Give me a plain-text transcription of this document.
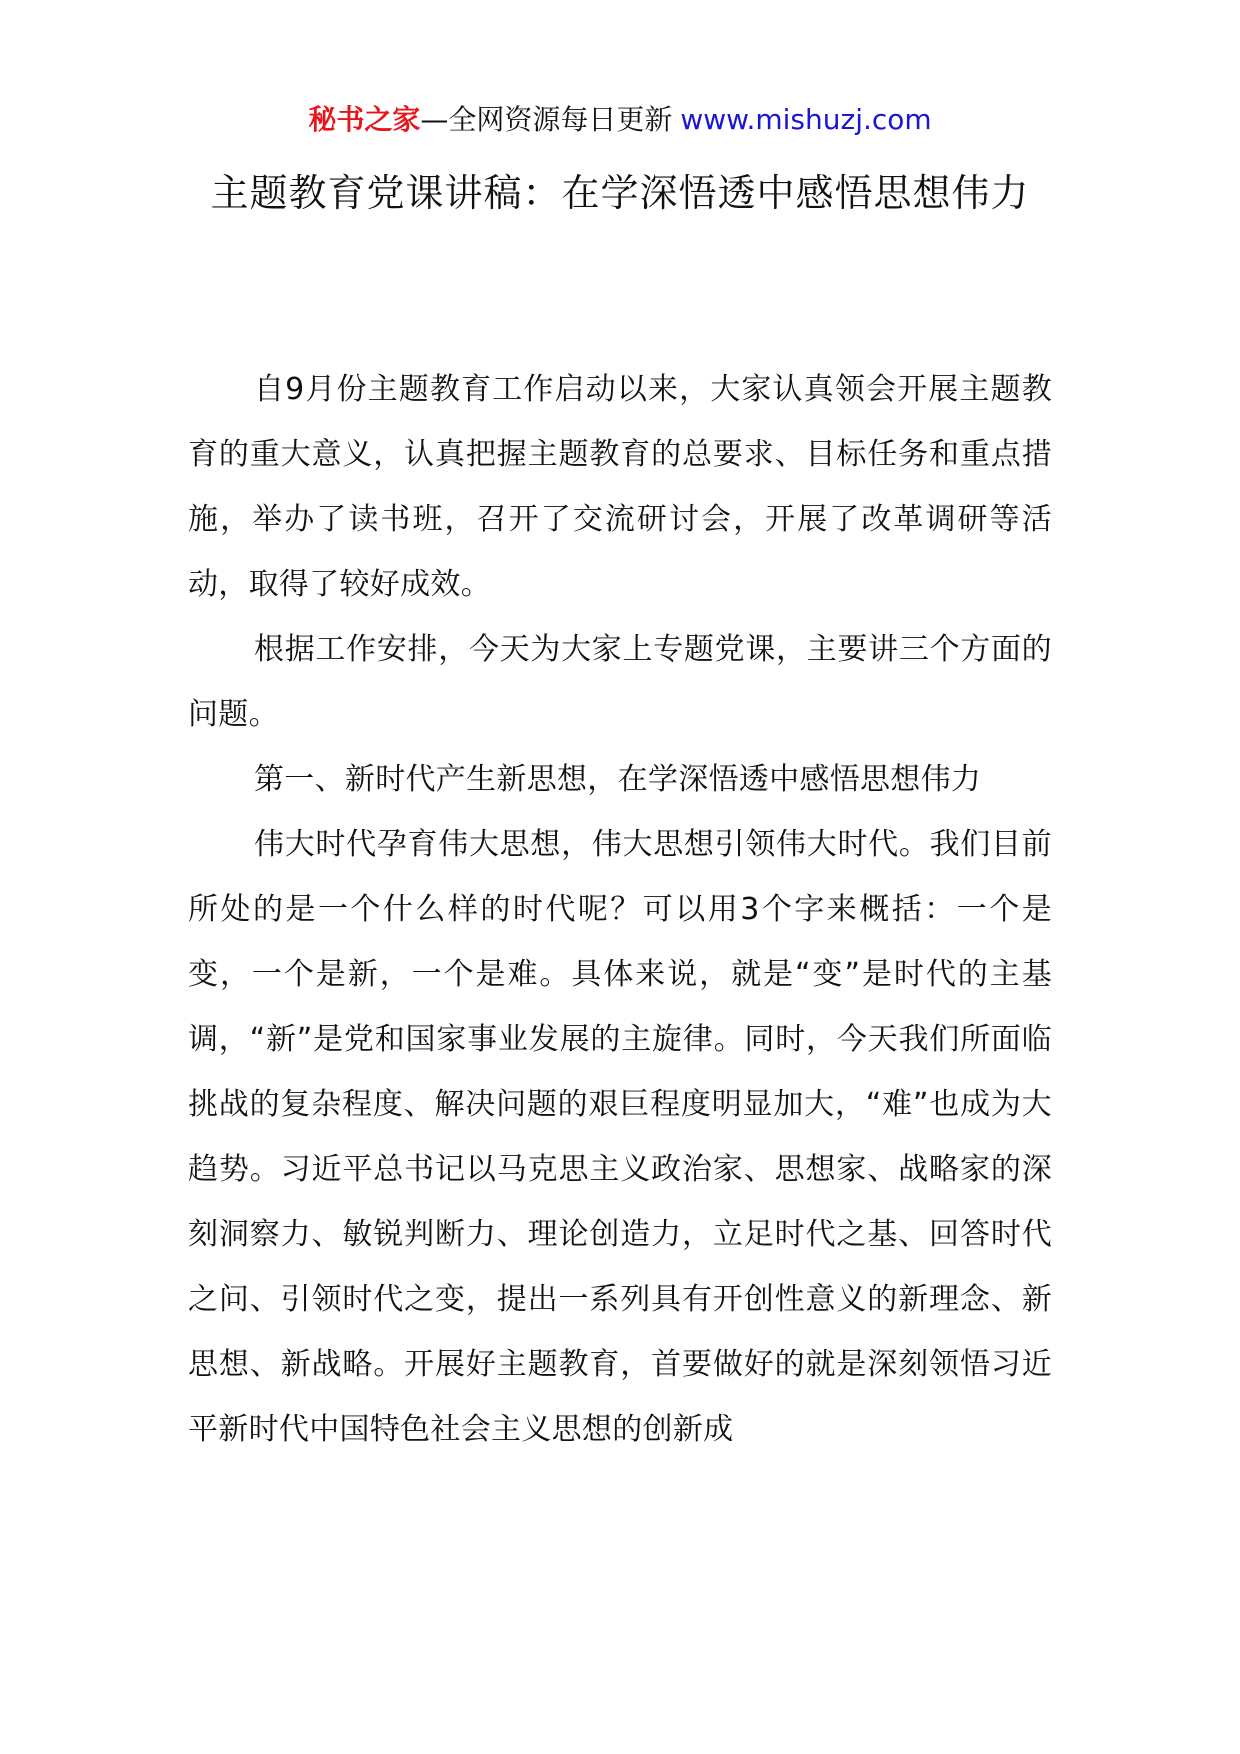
秘书之家—全网资源每日更新 www.mishuzj.com
主题教育党课讲稿：在学深悟透中感悟思想伟力

自9月份主题教育工作启动以来，大家认真领会开展主题教育的重大意义，认真把握主题教育的总要求、目标任务和重点措施，举办了读书班，召开了交流研讨会，开展了改革调研等活动，取得了较好成效。

根据工作安排，今天为大家上专题党课，主要讲三个方面的问题。

第一、新时代产生新思想，在学深悟透中感悟思想伟力

伟大时代孕育伟大思想，伟大思想引领伟大时代。我们目前所处的是一个什么样的时代呢？可以用3个字来概括：一个是变，一个是新，一个是难。具体来说，就是“变”是时代的主基调，“新”是党和国家事业发展的主旋律。同时，今天我们所面临挑战的复杂程度、解决问题的艰巨程度明显加大，“难”也成为大趋势。习近平总书记以马克思主义政治家、思想家、战略家的深刻洞察力、敏锐判断力、理论创造力，立足时代之基、回答时代之问、引领时代之变，提出一系列具有开创性意义的新理念、新思想、新战略。开展好主题教育，首要做好的就是深刻领悟习近平新时代中国特色社会主义思想的创新成
